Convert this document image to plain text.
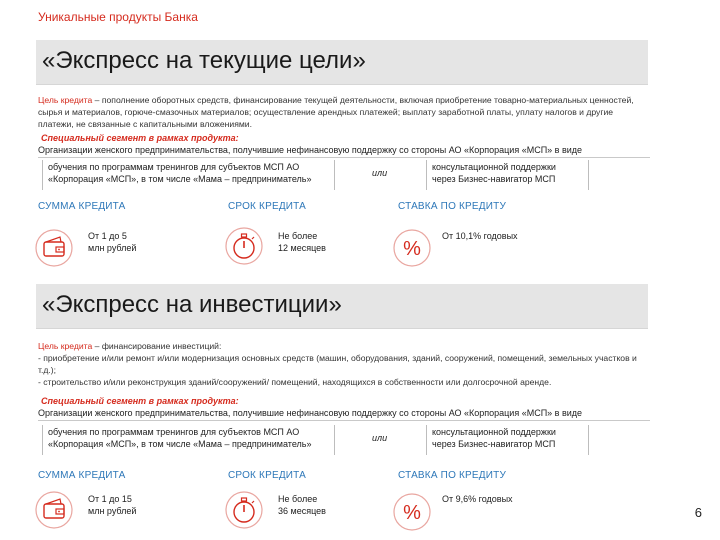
Уникальные продукты Банка
«Экспресс на текущие цели»
Цель кредита – пополнение оборотных средств, финансирование текущей деятельности, включая приобретение товарно-материальных ценностей, сырья и материалов, горюче-смазочных материалов; осуществление арендных платежей; выплату заработной платы, уплату налогов и другие платежи, не связанные с капитальными вложениями.
Специальный сегмент в рамках продукта:
Организации женского предпринимательства, получившие нефинансовую поддержку со стороны АО «Корпорация «МСП» в виде
обучения по программам тренингов для субъектов МСП АО
«Корпорация «МСП», в том числе «Мама – предприниматель»
или
консультационной поддержки
через Бизнес-навигатор МСП
СУММА КРЕДИТА	СРОК КРЕДИТА	СТАВКА ПО КРЕДИТУ
От 1 до 5
млн рублей
Не более
12 месяцев	%
От 10,1% годовых
«Экспресс на инвестиции»
Цель кредита – финансирование инвестиций:
- приобретение и/или ремонт и/или модернизация основных средств (машин, оборудования, зданий, сооружений, помещений, земельных участков и т.д.);
- строительство и/или реконструкция зданий/сооружений/ помещений, находящихся в собственности или долгосрочной аренде.
Специальный сегмент в рамках продукта:
Организации женского предпринимательства, получившие нефинансовую поддержку со стороны АО «Корпорация «МСП» в виде
обучения по программам тренингов для субъектов МСП АО
«Корпорация «МСП», в том числе «Мама – предприниматель»
или
консультационной поддержки
через Бизнес-навигатор МСП
СУММА КРЕДИТА	СРОК КРЕДИТА	СТАВКА ПО КРЕДИТУ
От 1 до 15
млн рублей
Не более
36 месяцев	%
От 9,6% годовых
6
